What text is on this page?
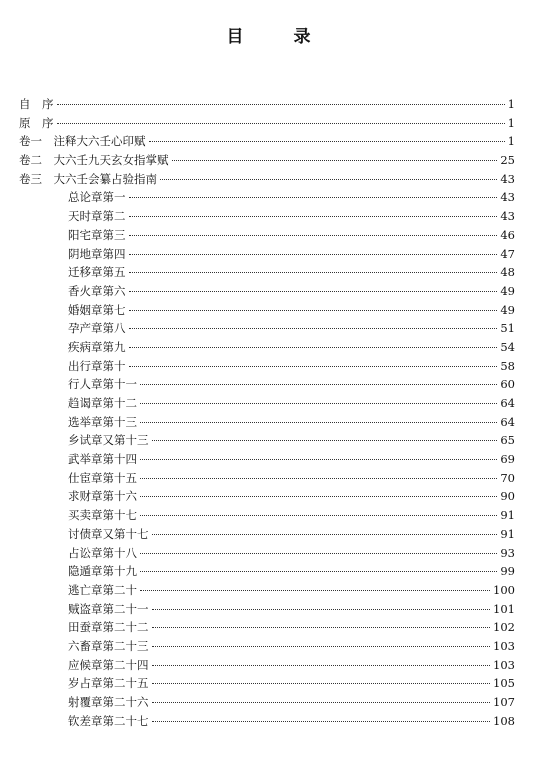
目 录
自　序	1
原　序	1
卷一　注释大六壬心印赋	1
卷二　大六壬九天玄女指掌赋	25
卷三　大六壬会纂占验指南	43
总论章第一	43
天时章第二	43
阳宅章第三	46
阴地章第四	47
迁移章第五	48
香火章第六	49
婚姻章第七	49
孕产章第八	51
疾病章第九	54
出行章第十	58
行人章第十一	60
趋谒章第十二	64
选举章第十三	64
乡试章又第十三	65
武举章第十四	69
仕宦章第十五	70
求财章第十六	90
买卖章第十七	91
讨债章又第十七	91
占讼章第十八	93
隐遁章第十九	99
逃亡章第二十	100
贼盗章第二十一	101
田蚕章第二十二	102
六畜章第二十三	103
应候章第二十四	103
岁占章第二十五	105
射覆章第二十六	107
钦差章第二十七	108
